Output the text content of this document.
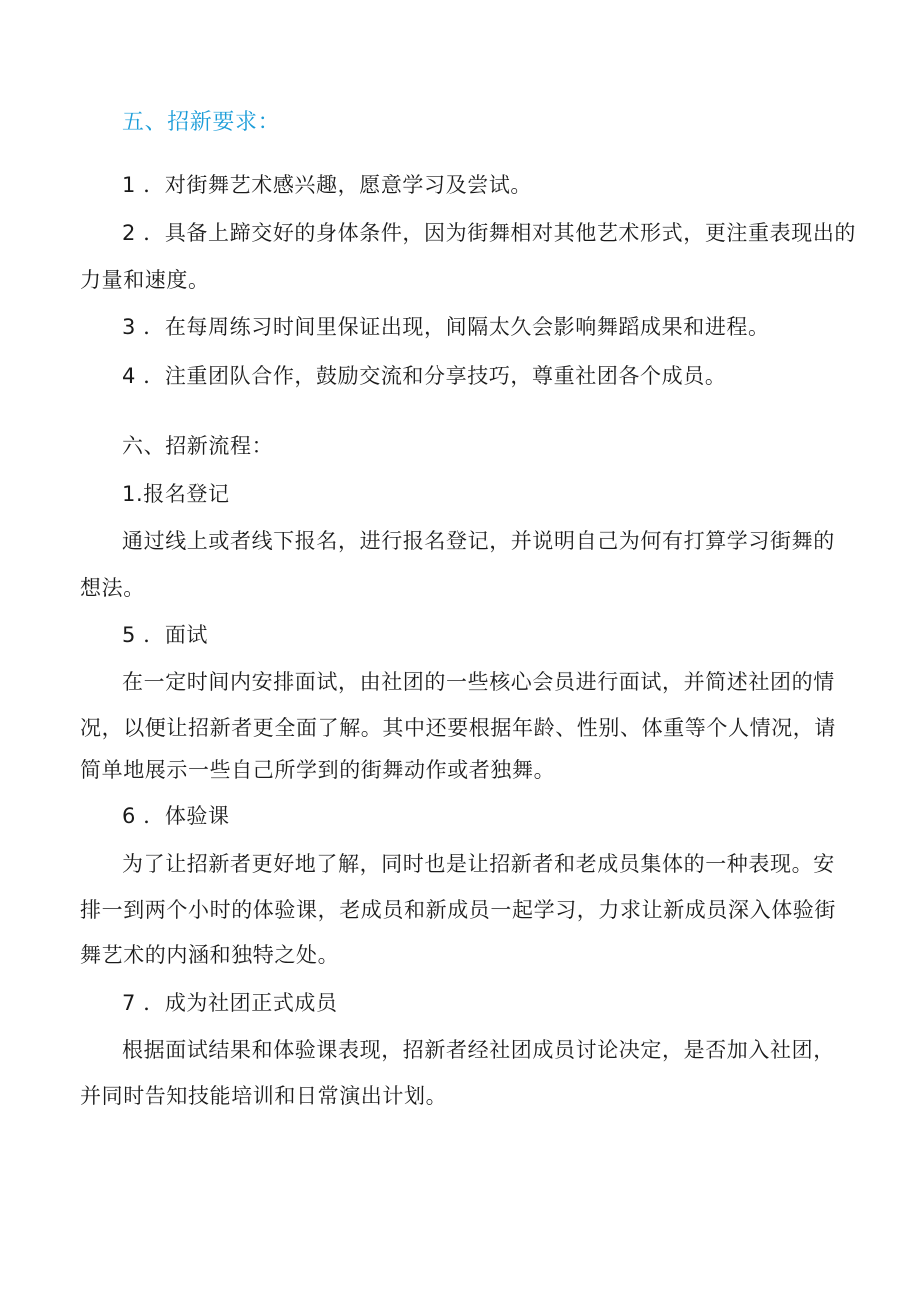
五、招新要求：
1 ．对街舞艺术感兴趣，愿意学习及尝试。
2 ．具备上蹄交好的身体条件，因为街舞相对其他艺术形式，更注重表现出的
力量和速度。
3 ．在每周练习时间里保证出现，间隔太久会影响舞蹈成果和进程。
4 ．注重团队合作，鼓励交流和分享技巧，尊重社团各个成员。
六、招新流程：
1.报名登记
通过线上或者线下报名，进行报名登记，并说明自己为何有打算学习街舞的
想法。
5 ．面试
在一定时间内安排面试，由社团的一些核心会员进行面试，并简述社团的情
况，以便让招新者更全面了解。其中还要根据年龄、性别、体重等个人情况，请
简单地展示一些自己所学到的街舞动作或者独舞。
6 ．体验课
为了让招新者更好地了解，同时也是让招新者和老成员集体的一种表现。安
排一到两个小时的体验课，老成员和新成员一起学习，力求让新成员深入体验街
舞艺术的内涵和独特之处。
7 ．成为社团正式成员
根据面试结果和体验课表现，招新者经社团成员讨论决定，是否加入社团，
并同时告知技能培训和日常演出计划。
